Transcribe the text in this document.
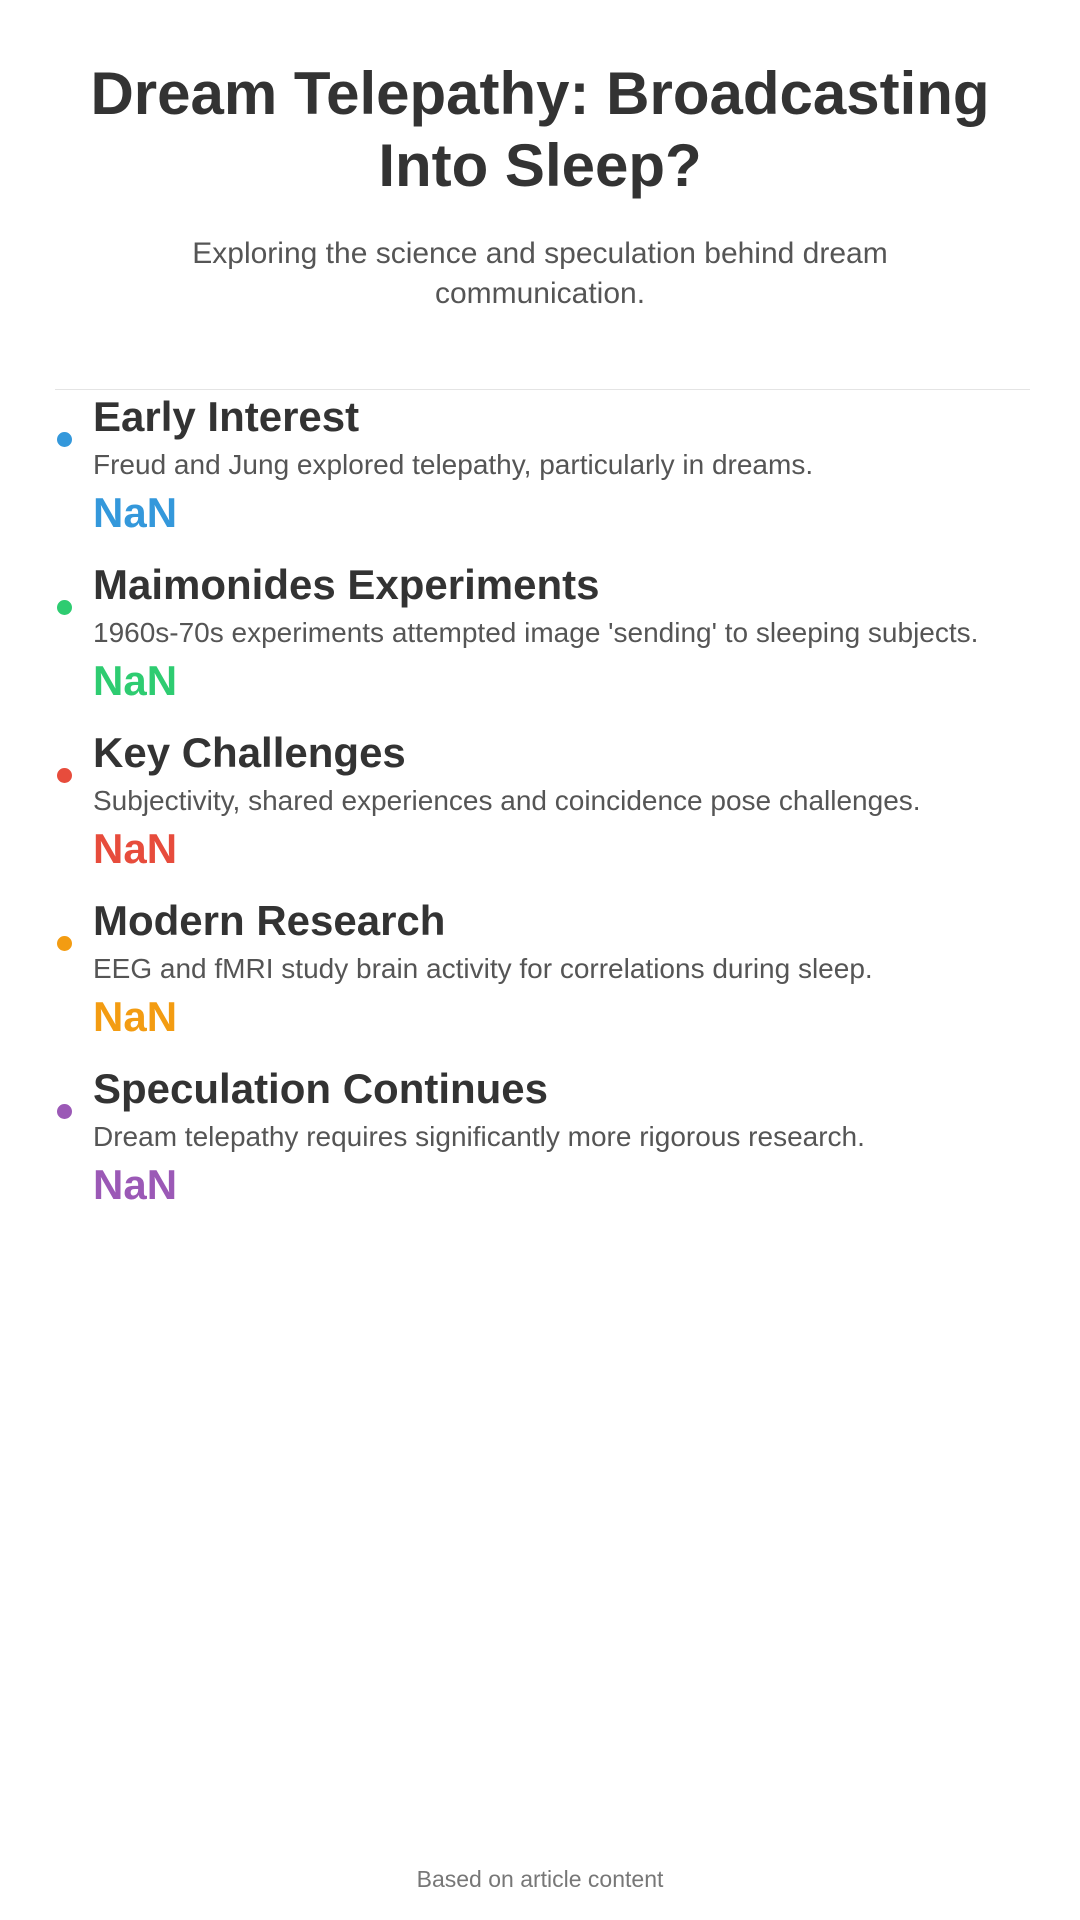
Dream Telepathy: Broadcasting Into Sleep?

Exploring the science and speculation behind dream communication.

Early Interest

Freud and Jung explored telepathy, particularly in dreams.

NaN
Maimonides Experiments

1960s-70s experiments attempted image 'sending' to sleeping subjects.

NaN
Key Challenges

Subjectivity, shared experiences and coincidence pose challenges.

NaN
Modern Research

EEG and fMRI study brain activity for correlations during sleep.

NaN
Speculation Continues

Dream telepathy requires significantly more rigorous research.

NaN
Based on article content
